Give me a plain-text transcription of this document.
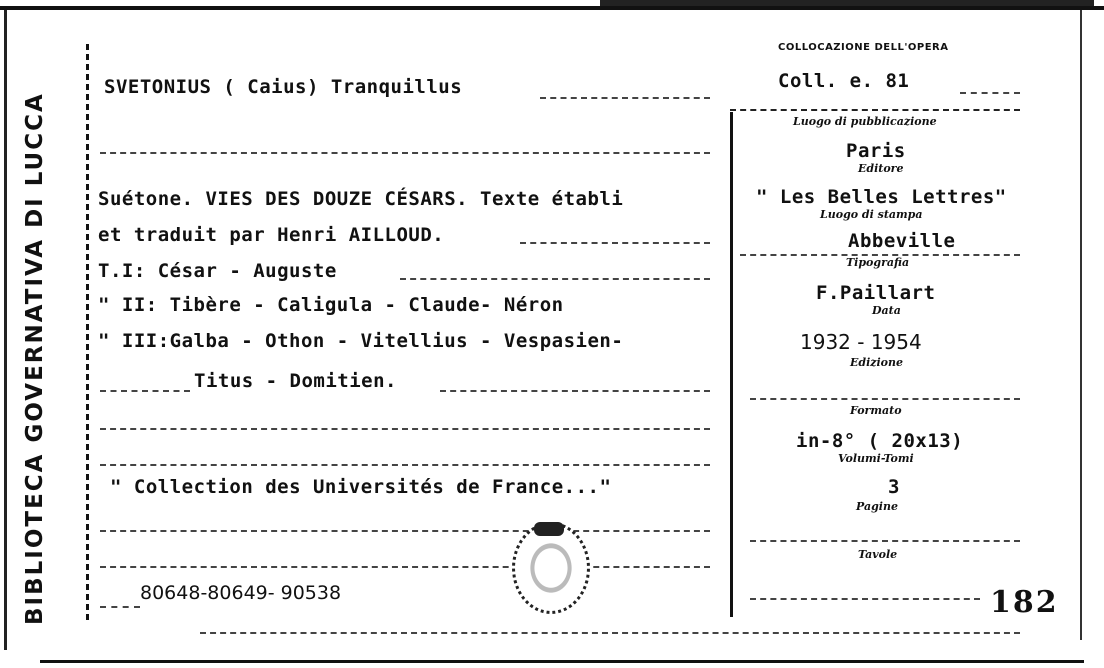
BIBLIOTECA GOVERNATIVA DI LUCCA
SVETONIUS ( Caius) Tranquillus
Suétone. VIES DES DOUZE CÉSARS. Texte établi
et traduit par Henri AILLOUD.
T.I: César - Auguste
" II: Tibère - Caligula - Claude- Néron
" III:Galba - Othon - Vitellius - Vespasien-
Titus - Domitien.
" Collection des Universités de France..."
80648-80649- 90538
COLLOCAZIONE DELL'OPERA
Coll. e. 81
Luogo di pubblicazione
Paris
Editore
" Les Belles Lettres"
Luogo di stampa
Abbeville
Tipografia
F.Paillart
Data
1932 - 1954
Edizione
Formato
in-8° ( 20x13)
Volumi-Tomi
3
Pagine
Tavole
182
